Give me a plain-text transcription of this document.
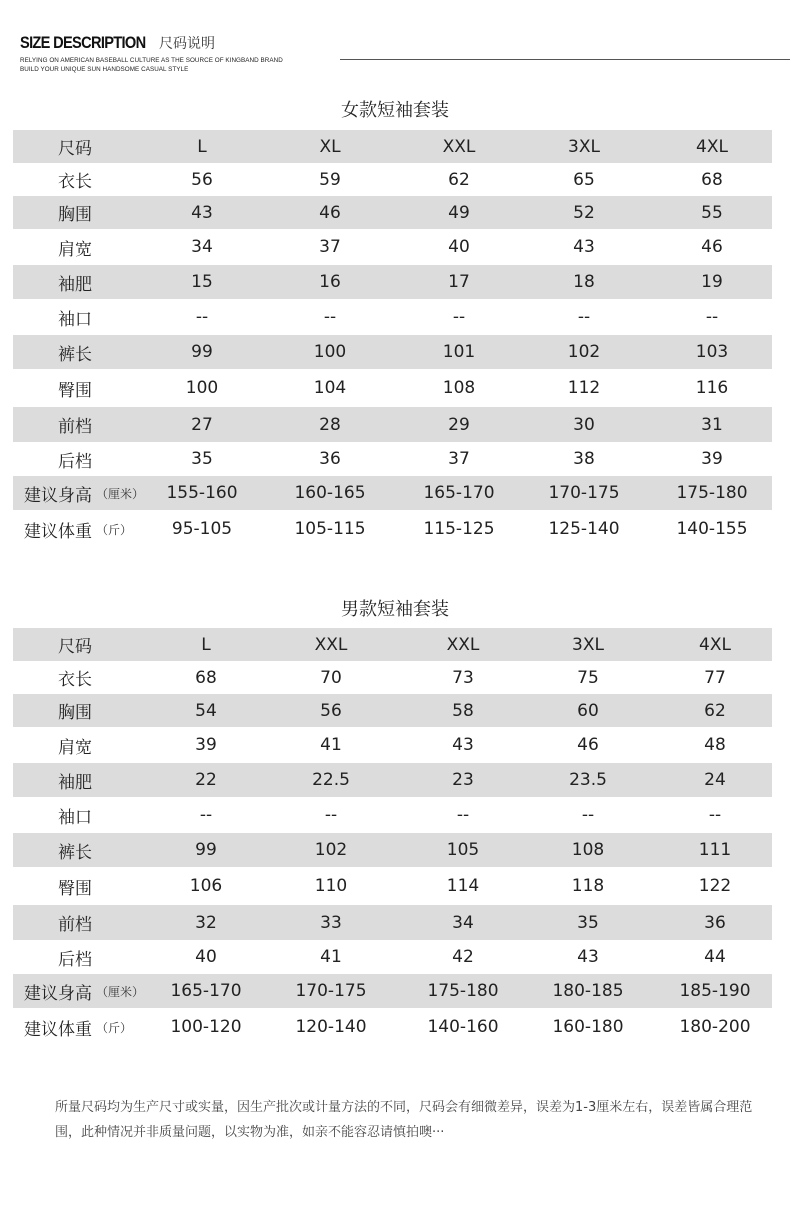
SIZE DESCRIPTION 尺码说明
RELYING ON AMERICAN BASEBALL CULTURE AS THE SOURCE OF KINGBAND BRAND
BUILD YOUR UNIQUE SUN HANDSOME CASUAL STYLE
女款短袖套装
尺码	L	XL	XXL	3XL	4XL
衣长	56	59	62	65	68
胸围	43	46	49	52	55
肩宽	34	37	40	43	46
袖肥	15	16	17	18	19
袖口	--	--	--	--	--
裤长	99	100	101	102	103
臀围	100	104	108	112	116
前档	27	28	29	30	31
后档	35	36	37	38	39
建议身高 （厘米）	155-160	160-165	165-170	170-175	175-180
建议体重 （斤）	95-105	105-115	115-125	125-140	140-155
男款短袖套装
尺码	L	XXL	XXL	3XL	4XL
衣长	68	70	73	75	77
胸围	54	56	58	60	62
肩宽	39	41	43	46	48
袖肥	22	22.5	23	23.5	24
袖口	--	--	--	--	--
裤长	99	102	105	108	111
臀围	106	110	114	118	122
前档	32	33	34	35	36
后档	40	41	42	43	44
建议身高 （厘米）	165-170	170-175	175-180	180-185	185-190
建议体重 （斤）	100-120	120-140	140-160	160-180	180-200
所量尺码均为生产尺寸或实量，因生产批次或计量方法的不同，尺码会有细微差异，误差为1-3厘米左右，误差皆属合理范围，此种情况并非质量问题，以实物为准，如亲不能容忍请慎拍噢···
